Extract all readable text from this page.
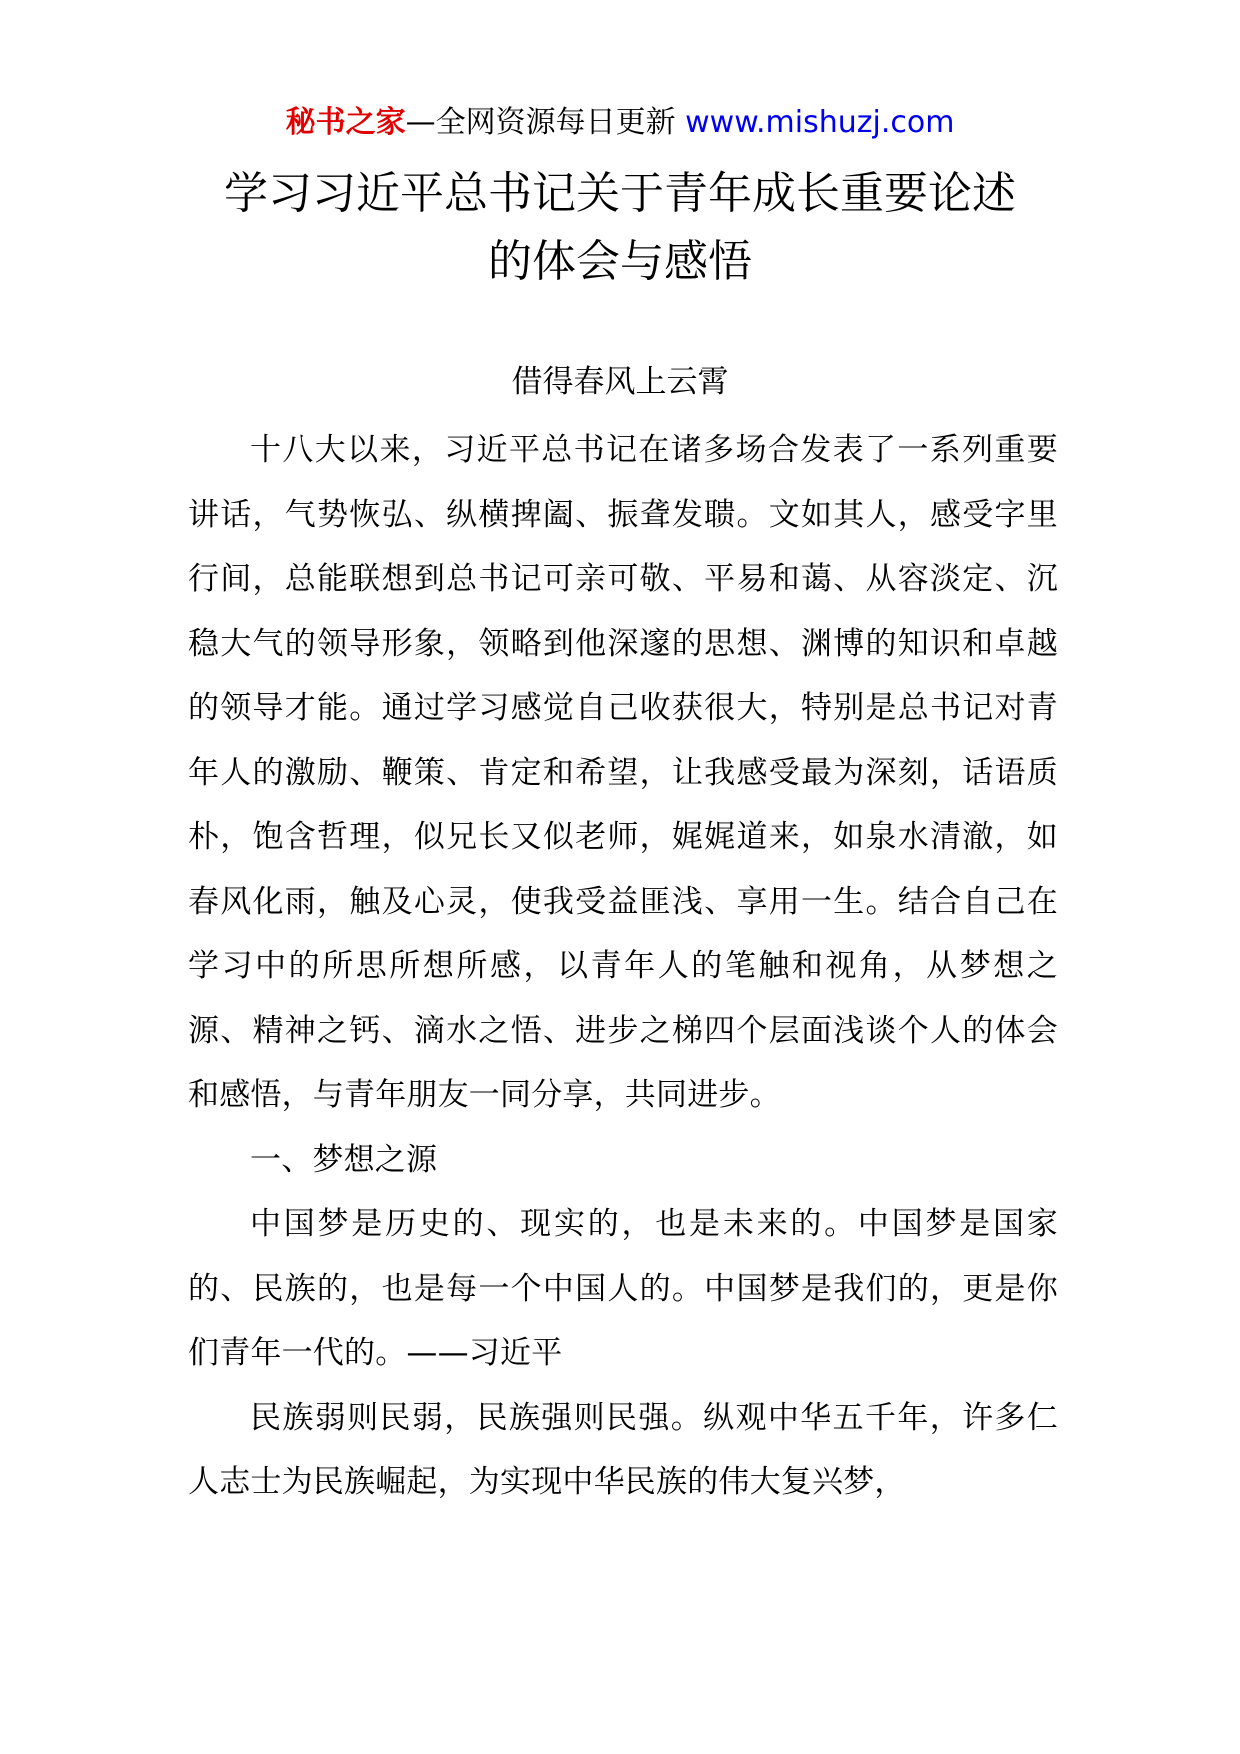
秘书之家—全网资源每日更新 www.mishuzj.com
学习习近平总书记关于青年成长重要论述
的体会与感悟
借得春风上云霄

十八大以来，习近平总书记在诸多场合发表了一系列重要讲话，气势恢弘、纵横捭阖、振聋发聩。文如其人，感受字里行间，总能联想到总书记可亲可敬、平易和蔼、从容淡定、沉稳大气的领导形象，领略到他深邃的思想、渊博的知识和卓越的领导才能。通过学习感觉自己收获很大，特别是总书记对青年人的激励、鞭策、肯定和希望，让我感受最为深刻，话语质朴，饱含哲理，似兄长又似老师，娓娓道来，如泉水清澈，如春风化雨，触及心灵，使我受益匪浅、享用一生。结合自己在学习中的所思所想所感，以青年人的笔触和视角，从梦想之源、精神之钙、滴水之悟、进步之梯四个层面浅谈个人的体会和感悟，与青年朋友一同分享，共同进步。

一、梦想之源

中国梦是历史的、现实的，也是未来的。中国梦是国家的、民族的，也是每一个中国人的。中国梦是我们的，更是你们青年一代的。——习近平

民族弱则民弱，民族强则民强。纵观中华五千年，许多仁人志士为民族崛起，为实现中华民族的伟大复兴梦，
